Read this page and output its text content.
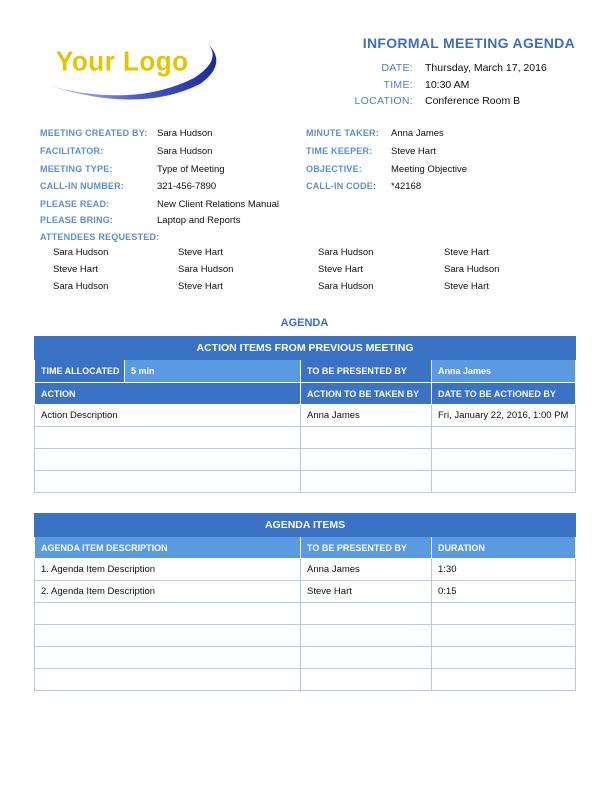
Your Logo
INFORMAL MEETING AGENDA
DATE: Thursday, March 17, 2016
TIME: 10:30 AM
LOCATION: Conference Room B
MEETING CREATED BY: Sara Hudson
FACILITATOR:	Sara Hudson
MEETING TYPE:	Type of Meeting
CALL-IN NUMBER:	321-456-7890
PLEASE READ:	New Client Relations Manual
PLEASE BRING:	Laptop and Reports
MINUTE TAKER: Anna James
TIME KEEPER: Steve Hart
OBJECTIVE:	Meeting Objective
CALL-IN CODE: *42168
ATTENDEES REQUESTED:
Sara Hudson	Steve Hart	Sara Hudson	Steve Hart
Steve Hart	Sara Hudson	Steve Hart	Sara Hudson
Sara Hudson	Steve Hart	Sara Hudson	Steve Hart
AGENDA
ACTION ITEMS FROM PREVIOUS MEETING			
TIME ALLOCATED	5 min	TO BE PRESENTED BY	Anna James
ACTION		ACTION TO BE TAKEN BY	DATE TO BE ACTIONED BY
Action Description		Anna James	Fri, January 22, 2016, 1:00 PM

AGENDA ITEMS		
AGENDA ITEM DESCRIPTION	TO BE PRESENTED BY	DURATION
1. Agenda Item Description	Anna James	1:30
2. Agenda Item Description	Steve Hart	0:15
